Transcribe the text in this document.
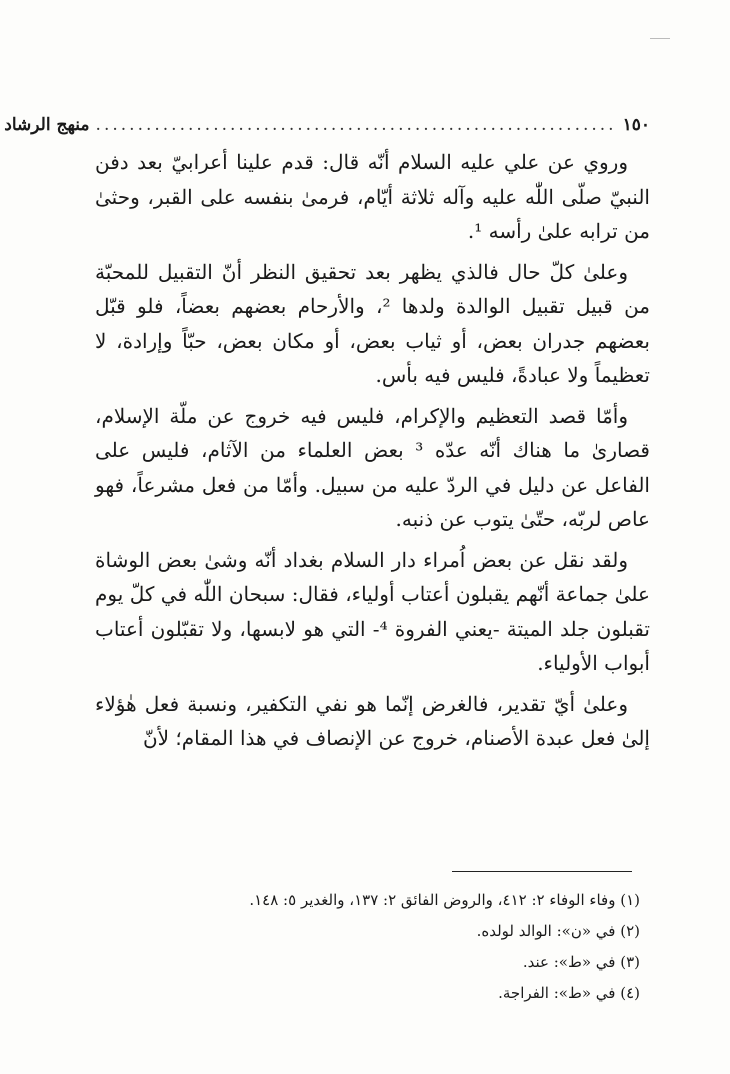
١٥٠
..............................................................
منهج الرشاد

وروي عن علي عليه السلام أنّه قال: قدم علينا أعرابيّ بعد دفن النبيّ صلّى اللّٰه عليه وآله ثلاثة أيّام، فرمىٰ بنفسه على القبر، وحثىٰ من ترابه علىٰ رأسه ¹.

وعلىٰ كلّ حال فالذي يظهر بعد تحقيق النظر أنّ التقبيل للمحبّة من قبيل تقبيل الوالدة ولدها ²، والأرحام بعضهم بعضاً، فلو قبّل بعضهم جدران بعض، أو ثياب بعض، أو مكان بعض، حبّاً وإرادة، لا تعظيماً ولا عبادةً، فليس فيه بأس.

وأمّا قصد التعظيم والإكرام، فليس فيه خروج عن ملّة الإسلام، قصارىٰ ما هناك أنّه عدّه ³ بعض العلماء من الآثام، فليس على الفاعل عن دليل في الردّ عليه من سبيل. وأمّا من فعل مشرعاً، فهو عاص لربّه، حتّىٰ يتوب عن ذنبه.

ولقد نقل عن بعض اُمراء دار السلام بغداد أنّه وشىٰ بعض الوشاة علىٰ جماعة أنّهم يقبلون أعتاب أولياء، فقال: سبحان اللّٰه في كلّ يوم تقبلون جلد الميتة -يعني الفروة ⁴- التي هو لابسها، ولا تقبّلون أعتاب أبواب الأولياء.

وعلىٰ أيّ تقدير، فالغرض إنّما هو نفي التكفير، ونسبة فعل هٰؤلاء إلىٰ فعل عبدة الأصنام، خروج عن الإنصاف في هذا المقام؛ لأنّ

(١) وفاء الوفاء ٢: ٤١٢، والروض الفائق ٢: ١٣٧، والغدير ٥: ١٤٨.

(٢) في «ن»: الوالد لولده.

(٣) في «ط»: عند.

(٤) في «ط»: الفراجة.
